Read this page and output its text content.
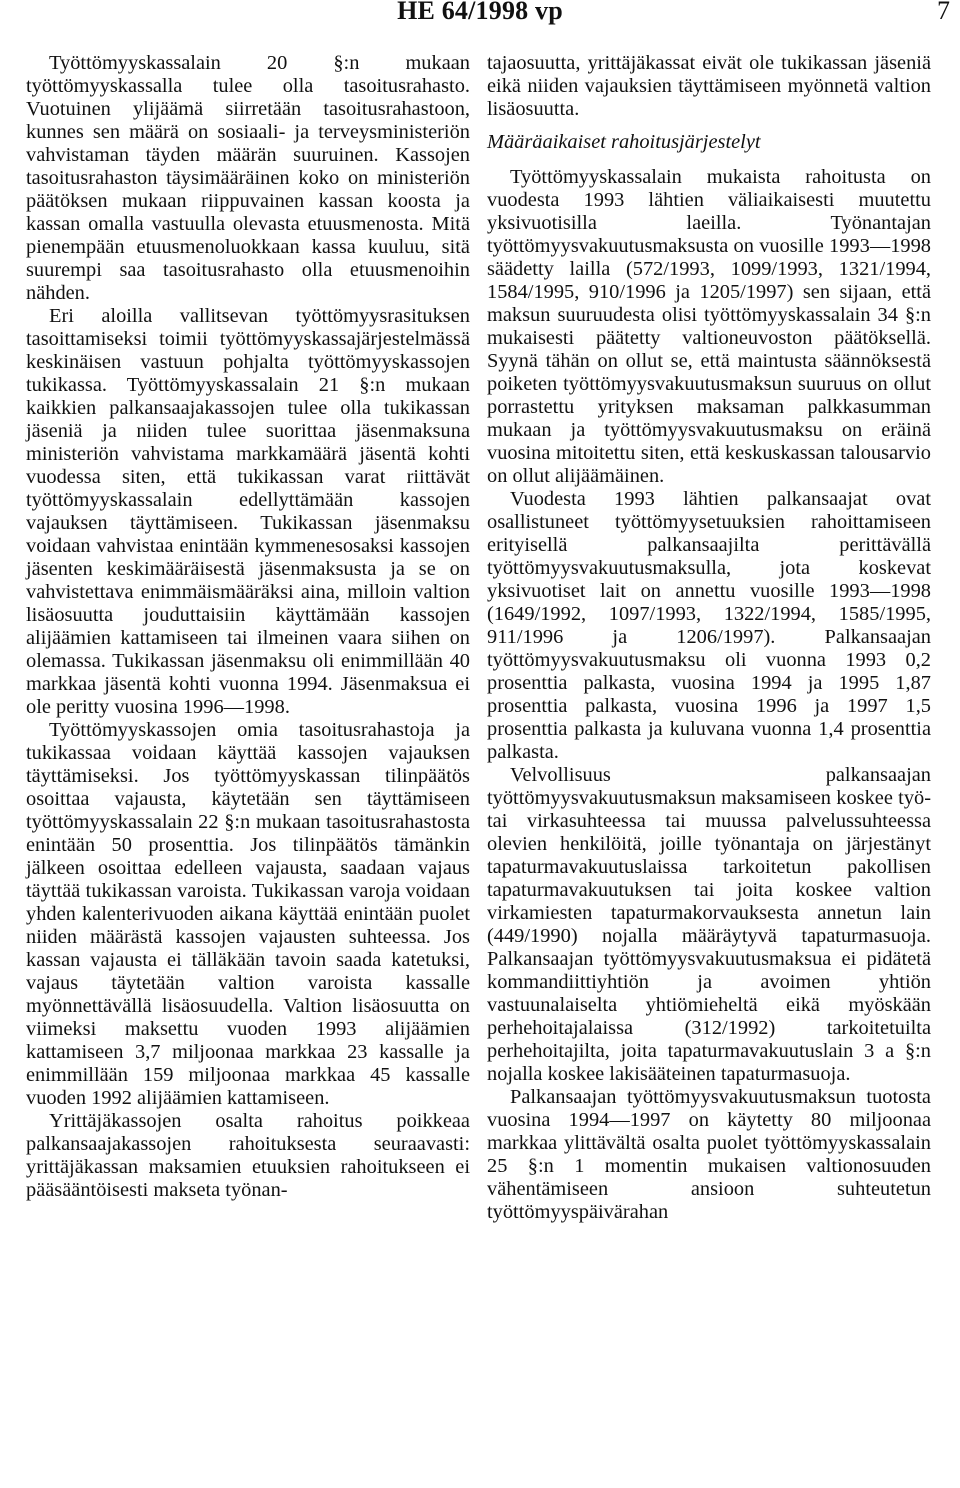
HE 64/1998 vp	7

Työttömyyskassalain 20 §:n mukaan työttömyyskassalla tulee olla tasoitusrahasto. Vuotuinen ylijäämä siirretään tasoitusrahastoon, kunnes sen määrä on sosiaali- ja terveysministeriön vahvistaman täyden määrän suuruinen. Kassojen tasoitusrahaston täysimääräinen koko on ministeriön päätöksen mukaan riippuvainen kassan koosta ja kassan omalla vastuulla olevasta etuusmenosta. Mitä pienempään etuusmenoluokkaan kassa kuuluu, sitä suurempi saa tasoitusrahasto olla etuusmenoihin nähden.

Eri aloilla vallitsevan työttömyysrasituksen tasoittamiseksi toimii työttömyyskassajärjestelmässä keskinäisen vastuun pohjalta työttömyyskassojen tukikassa. Työttömyyskassalain 21 §:n mukaan kaikkien palkansaajakassojen tulee olla tukikassan jäseniä ja niiden tulee suorittaa jäsenmaksuna ministeriön vahvistama markkamäärä jäsentä kohti vuodessa siten, että tukikassan varat riittävät työttömyyskassalain edellyttämään kassojen vajauksen täyttämiseen. Tukikassan jäsenmaksu voidaan vahvistaa enintään kymmenesosaksi kassojen jäsenten keskimääräisestä jäsenmaksusta ja se on vahvistettava enimmäismääräksi aina, milloin valtion lisäosuutta jouduttaisiin käyttämään kassojen alijäämien kattamiseen tai ilmeinen vaara siihen on olemassa. Tukikassan jäsenmaksu oli enimmillään 40 markkaa jäsentä kohti vuonna 1994. Jäsenmaksua ei ole peritty vuosina 1996—1998.

Työttömyyskassojen omia tasoitusrahastoja ja tukikassaa voidaan käyttää kassojen vajauksen täyttämiseksi. Jos työttömyyskassan tilinpäätös osoittaa vajausta, käytetään sen täyttämiseen työttömyyskassalain 22 §:n mukaan tasoitusrahastosta enintään 50 prosenttia. Jos tilinpäätös tämänkin jälkeen osoittaa edelleen vajausta, saadaan vajaus täyttää tukikassan varoista. Tukikassan varoja voidaan yhden kalenterivuoden aikana käyttää enintään puolet niiden määrästä kassojen vajausten suhteessa. Jos kassan vajausta ei tälläkään tavoin saada katetuksi, vajaus täytetään valtion varoista kassalle myönnettävällä lisäosuudella. Valtion lisäosuutta on viimeksi maksettu vuoden 1993 alijäämien kattamiseen 3,7 miljoonaa markkaa 23 kassalle ja enimmillään 159 miljoonaa markkaa 45 kassalle vuoden 1992 alijäämien kattamiseen.

Yrittäjäkassojen osalta rahoitus poikkeaa palkansaajakassojen rahoituksesta seuraavasti: yrittäjäkassan maksamien etuuksien rahoitukseen ei pääsääntöisesti makseta työnan-

tajaosuutta, yrittäjäkassat eivät ole tukikassan jäseniä eikä niiden vajauksien täyttämiseen myönnetä valtion lisäosuutta.

Määräaikaiset rahoitusjärjestelyt

Työttömyyskassalain mukaista rahoitusta on vuodesta 1993 lähtien väliaikaisesti muutettu yksivuotisilla laeilla. Työnantajan työttömyysvakuutusmaksusta on vuosille 1993—1998 säädetty lailla (572/1993, 1099/1993, 1321/1994, 1584/1995, 910/1996 ja 1205/1997) sen sijaan, että maksun suuruudesta olisi työttömyyskassalain 34 §:n mukaisesti päätetty valtioneuvoston päätöksellä. Syynä tähän on ollut se, että maintusta säännöksestä poiketen työttömyysvakuutusmaksun suuruus on ollut porrastettu yrityksen maksaman palkkasumman mukaan ja työttömyysvakuutusmaksu on eräinä vuosina mitoitettu siten, että keskuskassan talousarvio on ollut alijäämäinen.

Vuodesta 1993 lähtien palkansaajat ovat osallistuneet työttömyysetuuksien rahoittamiseen erityisellä palkansaajilta perittävällä työttömyysvakuutusmaksulla, jota koskevat yksivuotiset lait on annettu vuosille 1993—1998 (1649/1992, 1097/1993, 1322/1994, 1585/1995, 911/1996 ja 1206/1997). Palkansaajan työttömyysvakuutusmaksu oli vuonna 1993 0,2 prosenttia palkasta, vuosina 1994 ja 1995 1,87 prosenttia palkasta, vuosina 1996 ja 1997 1,5 prosenttia palkasta ja kuluvana vuonna 1,4 prosenttia palkasta.

Velvollisuus palkansaajan työttömyysvakuutusmaksun maksamiseen koskee työ- tai virkasuhteessa tai muussa palvelussuhteessa olevien henkilöitä, joille työnantaja on järjestänyt tapaturmavakuutuslaissa tarkoitetun pakollisen tapaturmavakuutuksen tai joita koskee valtion virkamiesten tapaturmakorvauksesta annetun lain (449/1990) nojalla määräytyvä tapaturmasuoja. Palkansaajan työttömyysvakuutusmaksua ei pidätetä kommandiittiyhtiön ja avoimen yhtiön vastuunalaiselta yhtiömieheltä eikä myöskään perhehoitajalaissa (312/1992) tarkoitetuilta perhehoitajilta, joita tapaturmavakuutuslain 3 a §:n nojalla koskee lakisääteinen tapaturmasuoja.

Palkansaajan työttömyysvakuutusmaksun tuotosta vuosina 1994—1997 on käytetty 80 miljoonaa markkaa ylittävältä osalta puolet työttömyyskassalain 25 §:n 1 momentin mukaisen valtionosuuden vähentämiseen ansioon suhteutetun työttömyyspäivärahan
